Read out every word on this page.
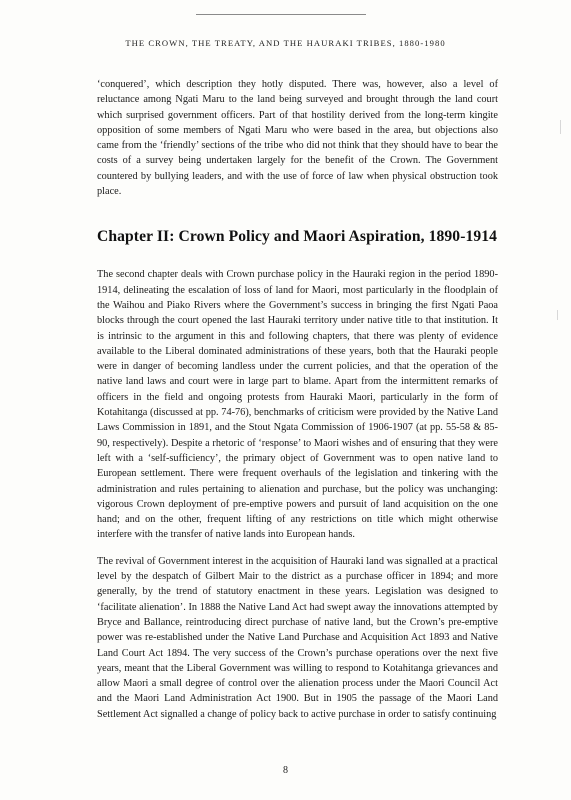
THE CROWN, THE TREATY, AND THE HAURAKI TRIBES, 1880-1980

‘conquered’, which description they hotly disputed. There was, however, also a level of reluctance among Ngati Maru to the land being surveyed and brought through the land court which surprised government officers. Part of that hostility derived from the long-term kingite opposition of some members of Ngati Maru who were based in the area, but objections also came from the ‘friendly’ sections of the tribe who did not think that they should have to bear the costs of a survey being undertaken largely for the benefit of the Crown. The Government countered by bullying leaders, and with the use of force of law when physical obstruction took place.

Chapter II: Crown Policy and Maori Aspiration, 1890-1914

The second chapter deals with Crown purchase policy in the Hauraki region in the period 1890-1914, delineating the escalation of loss of land for Maori, most particularly in the floodplain of the Waihou and Piako Rivers where the Government’s success in bringing the first Ngati Paoa blocks through the court opened the last Hauraki territory under native title to that institution. It is intrinsic to the argument in this and following chapters, that there was plenty of evidence available to the Liberal dominated administrations of these years, both that the Hauraki people were in danger of becoming landless under the current policies, and that the operation of the native land laws and court were in large part to blame. Apart from the intermittent remarks of officers in the field and ongoing protests from Hauraki Maori, particularly in the form of Kotahitanga (discussed at pp. 74-76), benchmarks of criticism were provided by the Native Land Laws Commission in 1891, and the Stout Ngata Commission of 1906-1907 (at pp. 55-58 & 85-90, respectively). Despite a rhetoric of ‘response’ to Maori wishes and of ensuring that they were left with a ‘self-sufficiency’, the primary object of Government was to open native land to European settlement. There were frequent overhauls of the legislation and tinkering with the administration and rules pertaining to alienation and purchase, but the policy was unchanging: vigorous Crown deployment of pre-emptive powers and pursuit of land acquisition on the one hand; and on the other, frequent lifting of any restrictions on title which might otherwise interfere with the transfer of native lands into European hands.

The revival of Government interest in the acquisition of Hauraki land was signalled at a practical level by the despatch of Gilbert Mair to the district as a purchase officer in 1894; and more generally, by the trend of statutory enactment in these years. Legislation was designed to ‘facilitate alienation’. In 1888 the Native Land Act had swept away the innovations attempted by Bryce and Ballance, reintroducing direct purchase of native land, but the Crown’s pre-emptive power was re-established under the Native Land Purchase and Acquisition Act 1893 and Native Land Court Act 1894. The very success of the Crown’s purchase operations over the next five years, meant that the Liberal Government was willing to respond to Kotahitanga grievances and allow Maori a small degree of control over the alienation process under the Maori Council Act and the Maori Land Administration Act 1900. But in 1905 the passage of the Maori Land Settlement Act signalled a change of policy back to active purchase in order to satisfy continuing

8
